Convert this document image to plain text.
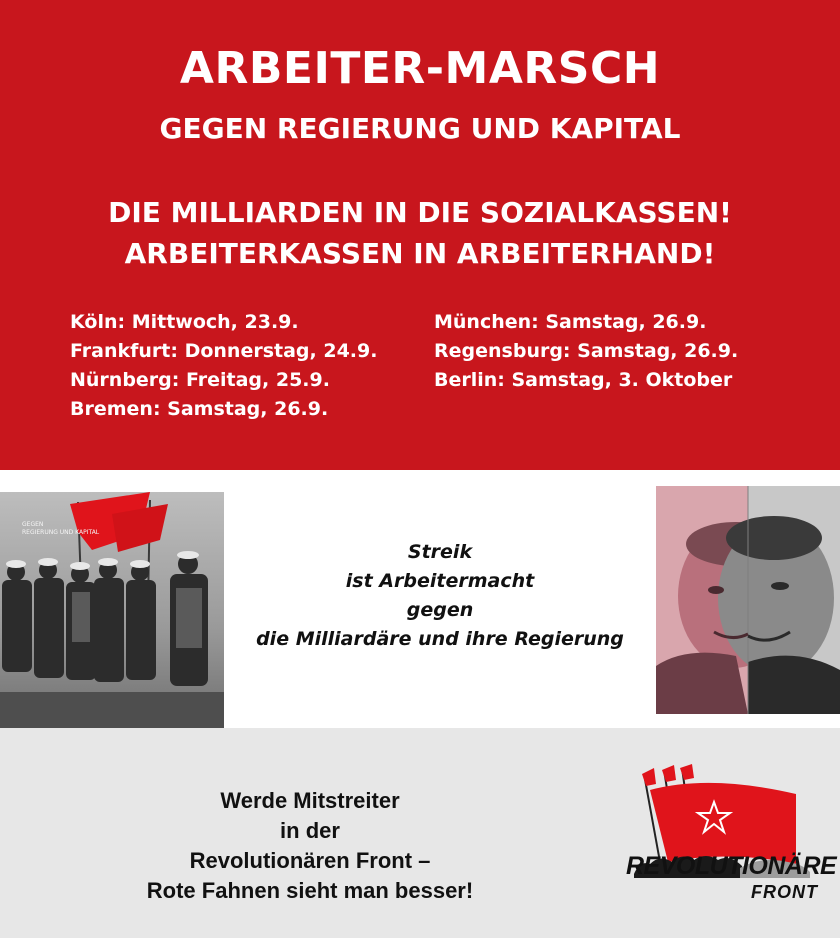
ARBEITER-MARSCH
GEGEN REGIERUNG UND KAPITAL
DIE MILLIARDEN IN DIE SOZIALKASSEN!
ARBEITERKASSEN IN ARBEITERHAND!
Köln: Mittwoch, 23.9.
Frankfurt: Donnerstag, 24.9.
Nürnberg: Freitag, 25.9.
Bremen: Samstag, 26.9.
München: Samstag, 26.9.
Regensburg: Samstag, 26.9.
Berlin: Samstag, 3. Oktober
GEGEN REGIERUNG UND KAPITAL
Streik
ist Arbeitermacht
gegen
die Milliardäre und ihre Regierung
Werde Mitstreiter
in der
Revolutionären Front –
Rote Fahnen sieht man besser!
REVOLUTIONÄRE
FRONT
